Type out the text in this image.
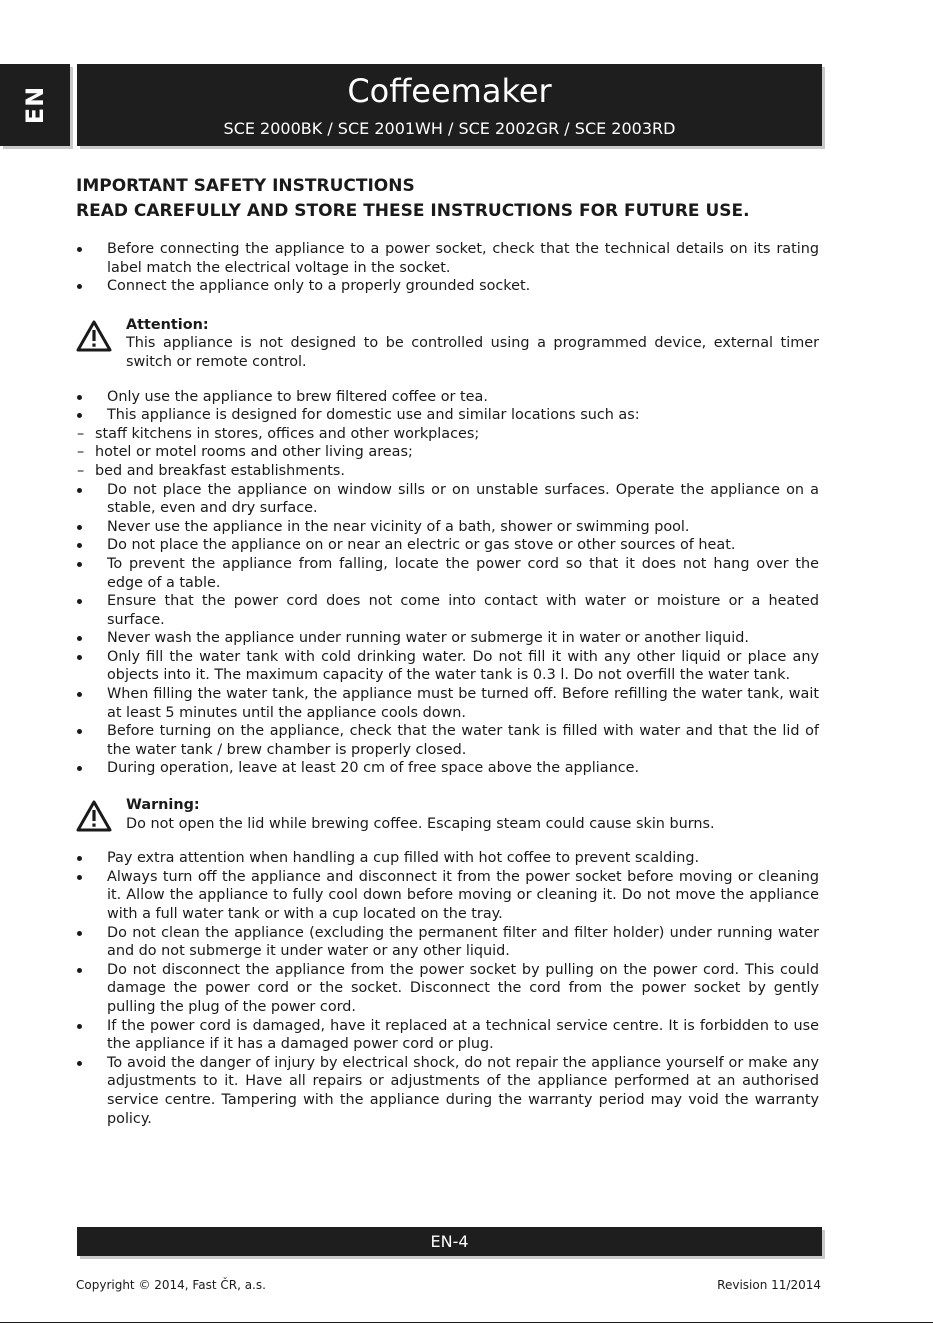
EN	Coffeemaker
SCE 2000BK / SCE 2001WH / SCE 2002GR / SCE 2003RD

IMPORTANT SAFETY INSTRUCTIONS

READ CAREFULLY AND STORE THESE INSTRUCTIONS FOR FUTURE USE.

Before connecting the appliance to a power socket, check that the technical details on its rating label match the electrical voltage in the socket.
Connect the appliance only to a properly grounded socket.
Attention:
This appliance is not designed to be controlled using a programmed device, external timer switch or remote control.
Only use the appliance to brew filtered coffee or tea.
This appliance is designed for domestic use and similar locations such as:
– staff kitchens in stores, offices and other workplaces;
– hotel or motel rooms and other living areas;
– bed and breakfast establishments.
Do not place the appliance on window sills or on unstable surfaces. Operate the appliance on a stable, even and dry surface.
Never use the appliance in the near vicinity of a bath, shower or swimming pool.
Do not place the appliance on or near an electric or gas stove or other sources of heat.
To prevent the appliance from falling, locate the power cord so that it does not hang over the edge of a table.
Ensure that the power cord does not come into contact with water or moisture or a heated surface.
Never wash the appliance under running water or submerge it in water or another liquid.
Only fill the water tank with cold drinking water. Do not fill it with any other liquid or place any objects into it. The maximum capacity of the water tank is 0.3 l. Do not overfill the water tank.
When filling the water tank, the appliance must be turned off. Before refilling the water tank, wait at least 5 minutes until the appliance cools down.
Before turning on the appliance, check that the water tank is filled with water and that the lid of the water tank / brew chamber is properly closed.
During operation, leave at least 20 cm of free space above the appliance.
Warning:
Do not open the lid while brewing coffee. Escaping steam could cause skin burns.
Pay extra attention when handling a cup filled with hot coffee to prevent scalding.
Always turn off the appliance and disconnect it from the power socket before moving or cleaning it. Allow the appliance to fully cool down before moving or cleaning it. Do not move the appliance with a full water tank or with a cup located on the tray.
Do not clean the appliance (excluding the permanent filter and filter holder) under running water and do not submerge it under water or any other liquid.
Do not disconnect the appliance from the power socket by pulling on the power cord. This could damage the power cord or the socket. Disconnect the cord from the power socket by gently pulling the plug of the power cord.
If the power cord is damaged, have it replaced at a technical service centre. It is forbidden to use the appliance if it has a damaged power cord or plug.
To avoid the danger of injury by electrical shock, do not repair the appliance yourself or make any adjustments to it. Have all repairs or adjustments of the appliance performed at an authorised service centre. Tampering with the appliance during the warranty period may void the warranty policy.
EN-4
Copyright © 2014, Fast ČR, a.s.	Revision 11/2014
